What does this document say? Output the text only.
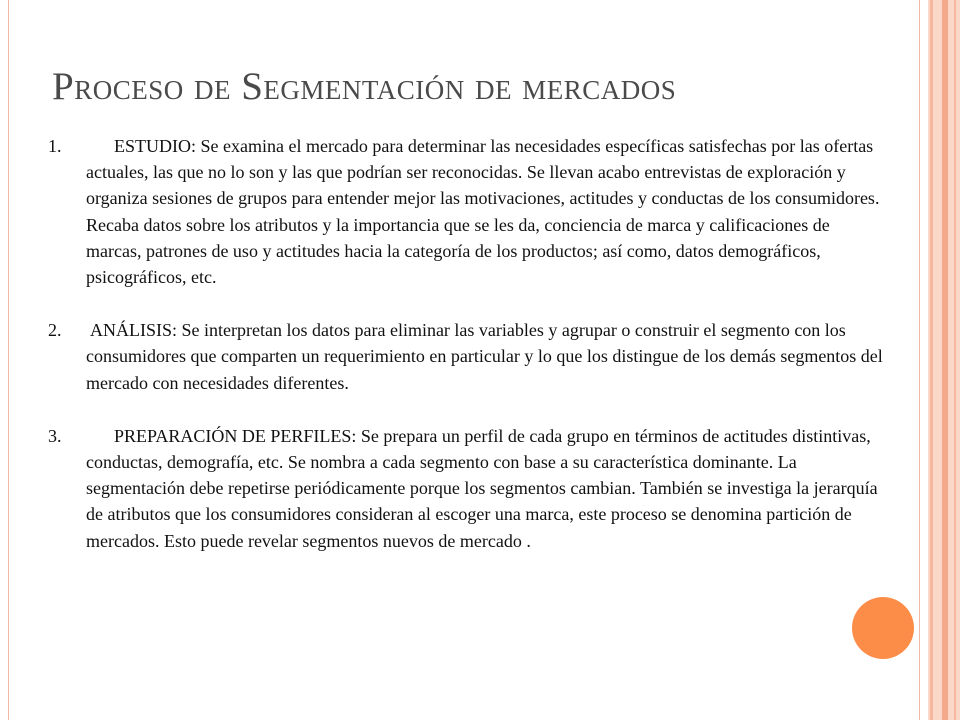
Proceso de Segmentación de mercados

1.	ESTUDIO: Se examina el mercado para determinar las necesidades específicas satisfechas por las ofertas actuales, las que no lo son y las que podrían ser reconocidas. Se llevan acabo entrevistas de exploración y organiza sesiones de grupos para entender mejor las motivaciones, actitudes y conductas de los consumidores. Recaba datos sobre los atributos y la importancia que se les da, conciencia de marca y calificaciones de marcas, patrones de uso y actitudes hacia la categoría de los productos; así como, datos demográficos, psicográficos, etc.

2. ANÁLISIS: Se interpretan los datos para eliminar las variables y agrupar o construir el segmento con los consumidores que comparten un requerimiento en particular y lo que los distingue de los demás segmentos del mercado con necesidades diferentes.

3.	PREPARACIÓN DE PERFILES: Se prepara un perfil de cada grupo en términos de actitudes distintivas, conductas, demografía, etc. Se nombra a cada segmento con base a su característica dominante. La segmentación debe repetirse periódicamente porque los segmentos cambian. También se investiga la jerarquía de atributos que los consumidores consideran al escoger una marca, este proceso se denomina partición de mercados. Esto puede revelar segmentos nuevos de mercado .
